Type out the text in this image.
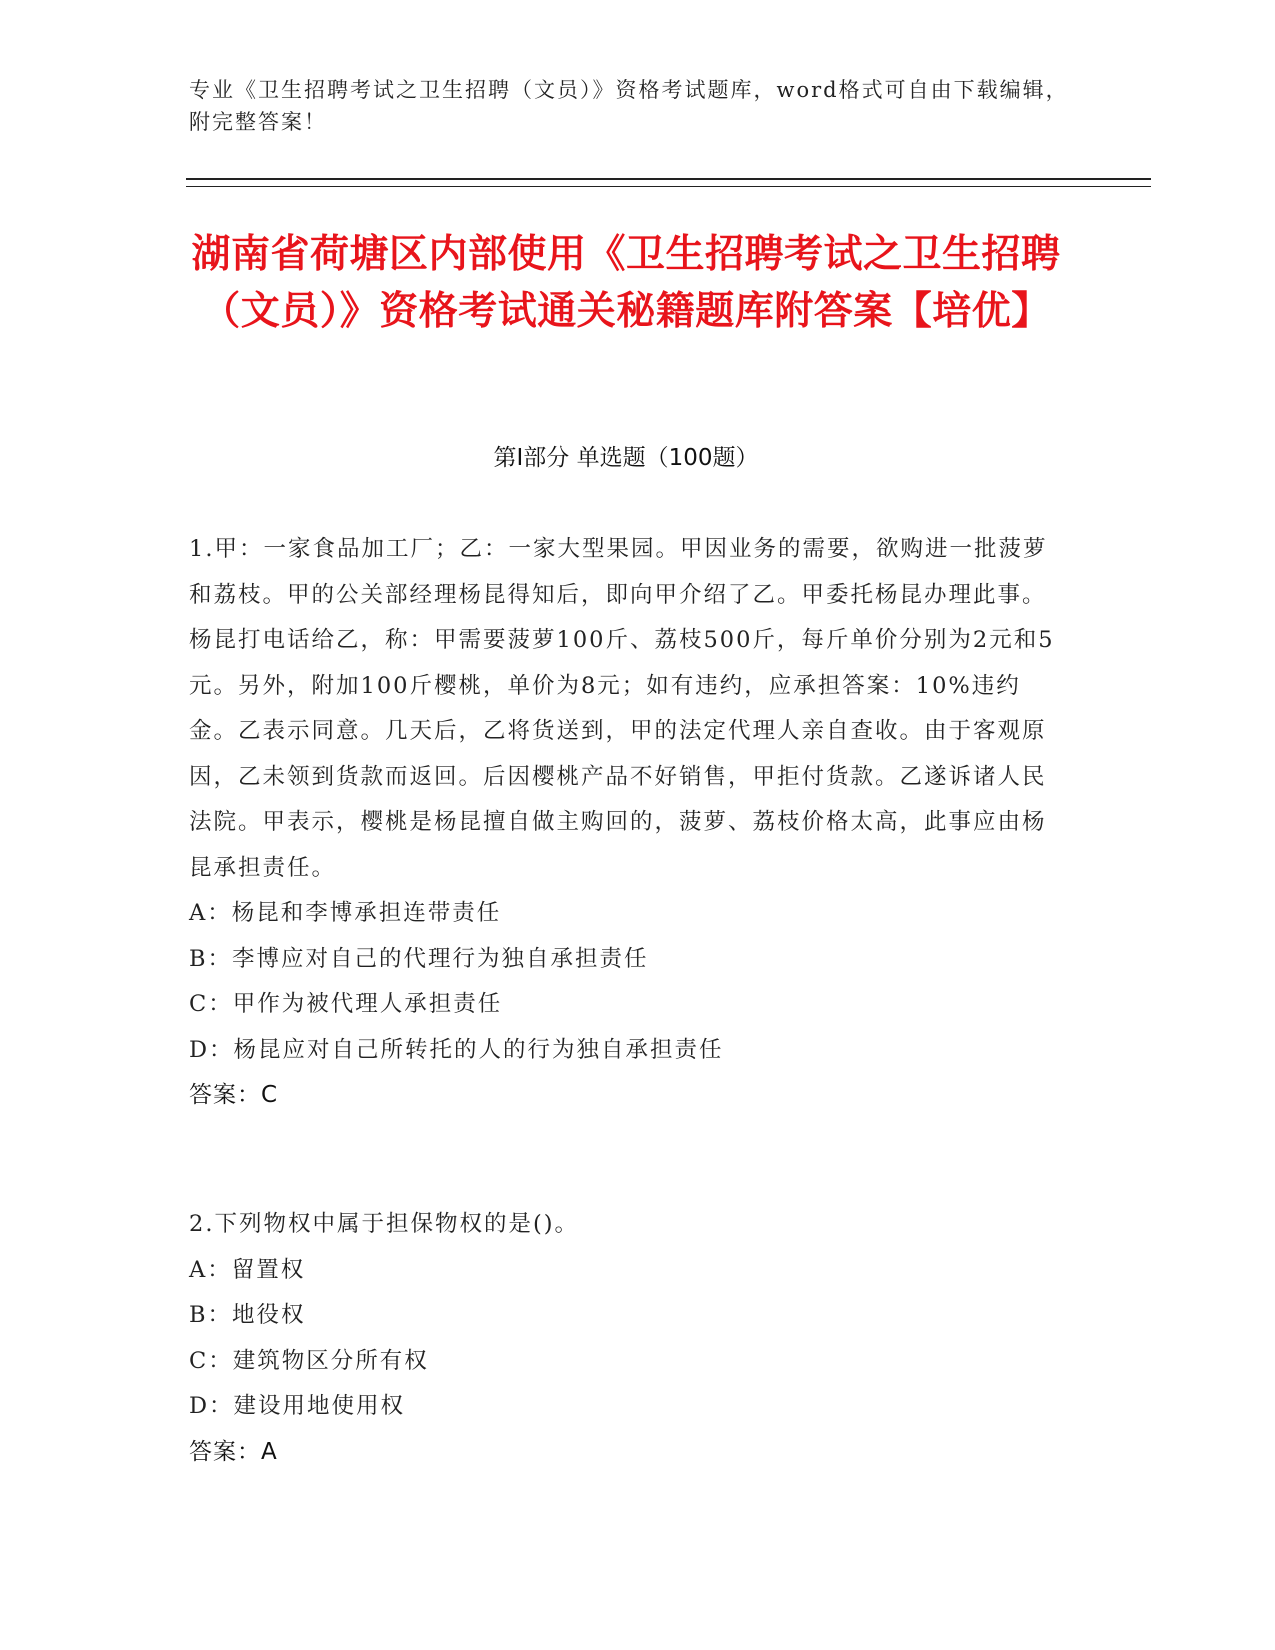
专业《卫生招聘考试之卫生招聘（文员）》资格考试题库，word格式可自由下载编辑，附完整答案！
湖南省荷塘区内部使用《卫生招聘考试之卫生招聘（文员）》资格考试通关秘籍题库附答案【培优】
第Ⅰ部分 单选题（100题）
1.甲：一家食品加工厂；乙：一家大型果园。甲因业务的需要，欲购进一批菠萝和荔枝。甲的公关部经理杨昆得知后，即向甲介绍了乙。甲委托杨昆办理此事。杨昆打电话给乙，称：甲需要菠萝100斤、荔枝500斤，每斤单价分别为2元和5元。另外，附加100斤樱桃，单价为8元；如有违约，应承担答案：10%违约金。乙表示同意。几天后，乙将货送到，甲的法定代理人亲自查收。由于客观原因，乙未领到货款而返回。后因樱桃产品不好销售，甲拒付货款。乙遂诉诸人民法院。甲表示，樱桃是杨昆擅自做主购回的，菠萝、荔枝价格太高，此事应由杨昆承担责任。
A：杨昆和李博承担连带责任
B：李博应对自己的代理行为独自承担责任
C：甲作为被代理人承担责任
D：杨昆应对自己所转托的人的行为独自承担责任
答案：C
2.下列物权中属于担保物权的是()。
A：留置权
B：地役权
C：建筑物区分所有权
D：建设用地使用权
答案：A
